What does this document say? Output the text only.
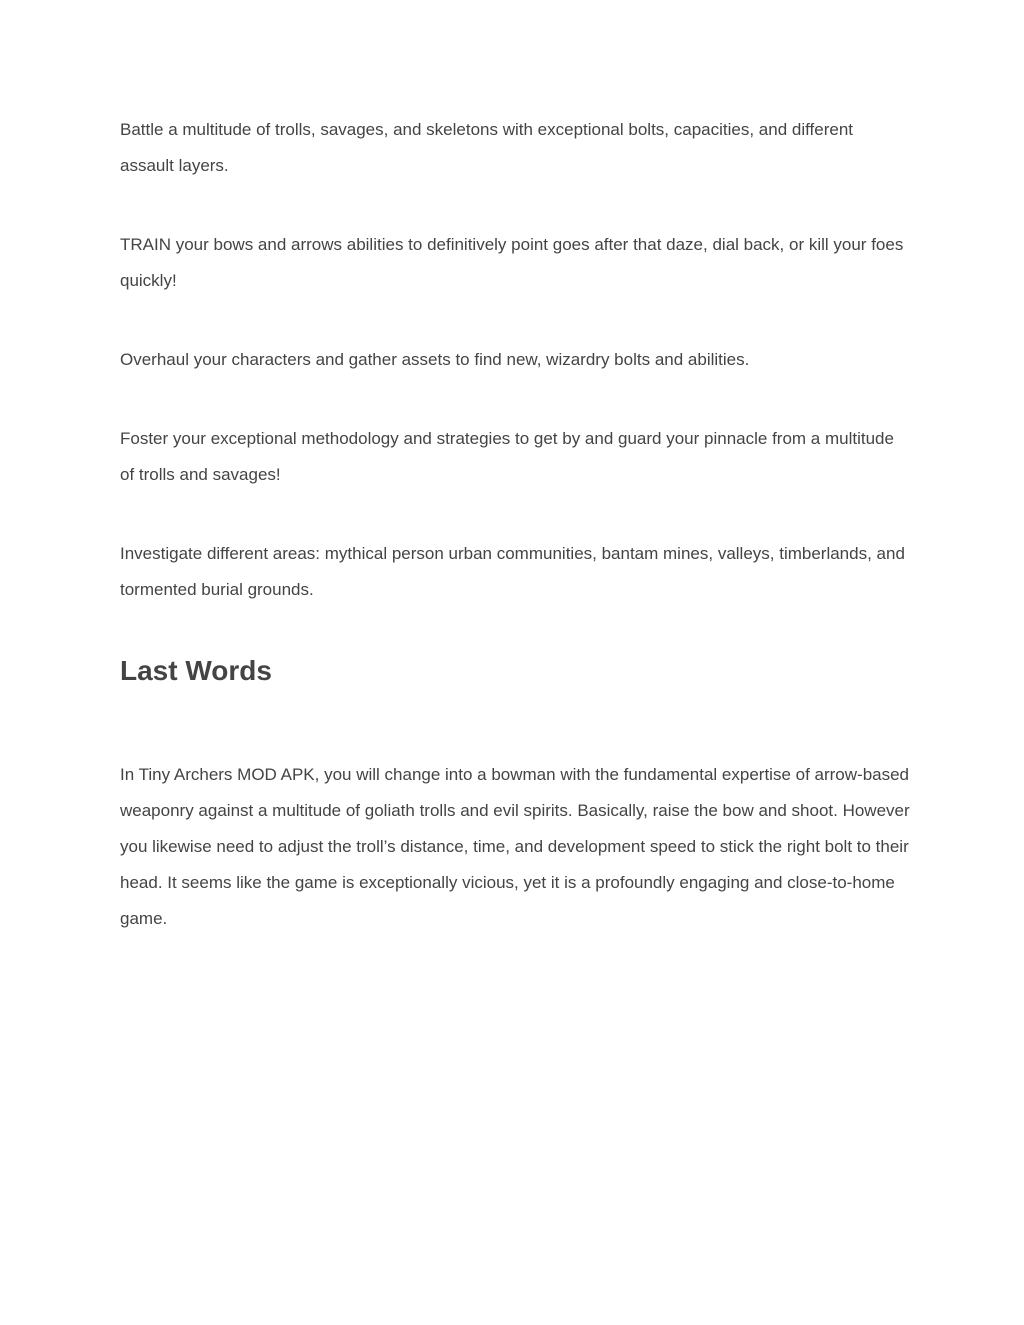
Battle a multitude of trolls, savages, and skeletons with exceptional bolts, capacities, and different assault layers.

TRAIN your bows and arrows abilities to definitively point goes after that daze, dial back, or kill your foes quickly!

Overhaul your characters and gather assets to find new, wizardry bolts and abilities.

Foster your exceptional methodology and strategies to get by and guard your pinnacle from a multitude of trolls and savages!

Investigate different areas: mythical person urban communities, bantam mines, valleys, timberlands, and tormented burial grounds.

Last Words

In Tiny Archers MOD APK, you will change into a bowman with the fundamental expertise of arrow-based weaponry against a multitude of goliath trolls and evil spirits. Basically, raise the bow and shoot. However you likewise need to adjust the troll’s distance, time, and development speed to stick the right bolt to their head. It seems like the game is exceptionally vicious, yet it is a profoundly engaging and close-to-home game.
